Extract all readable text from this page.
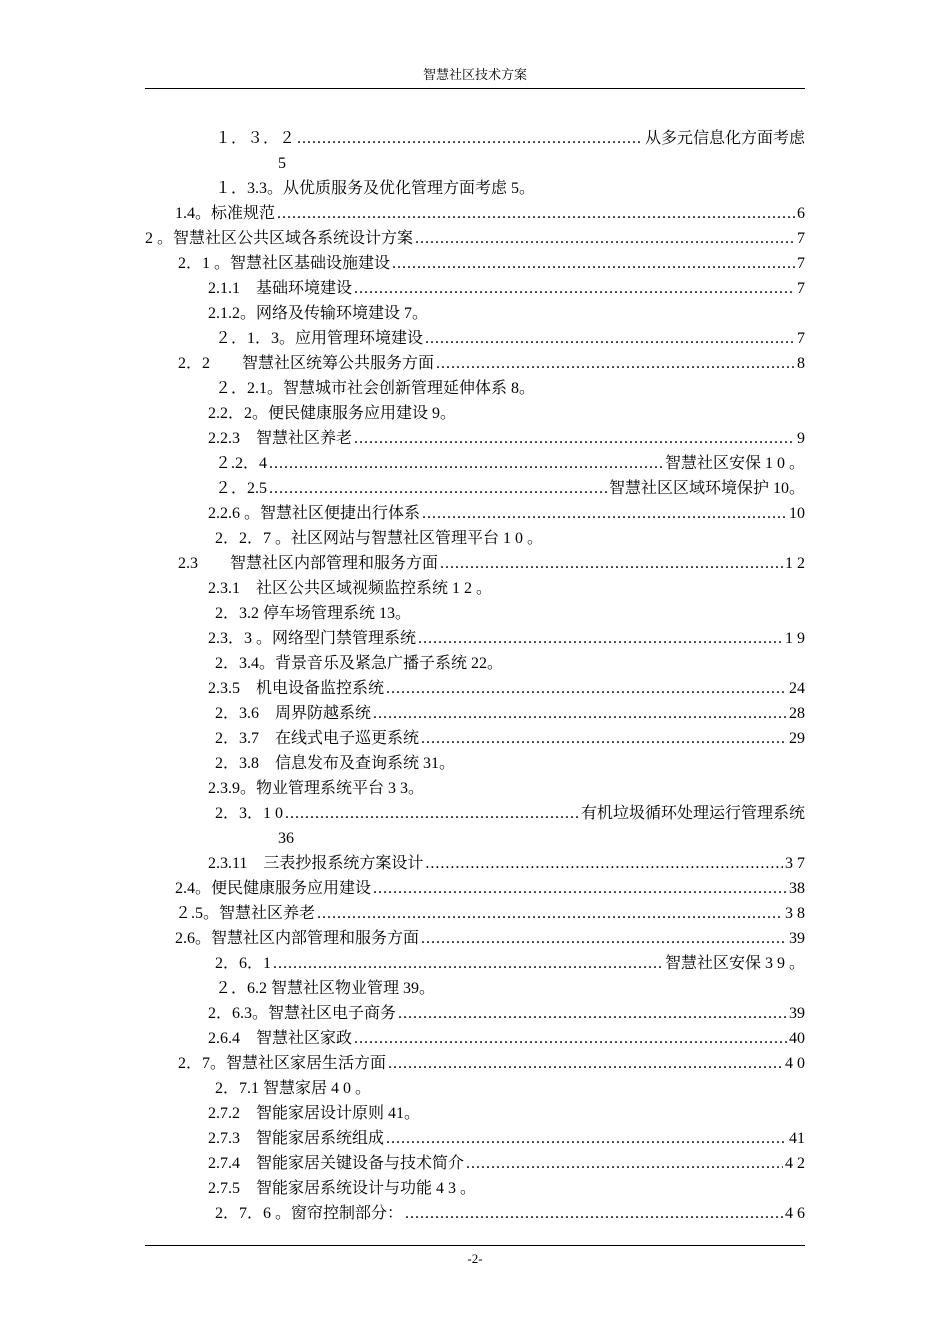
智慧社区技术方案
１．３．２ .....	从多元信息化方面考虑
5
１．3.3。从优质服务及优化管理方面考虑 5。
1.4。标准规范 .....	6
2 。智慧社区公共区域各系统设计方案 .....	7
2．1 。智慧社区基础设施建设 .....	7
2.1.1　基础环境建设 .....	7
2.1.2。网络及传输环境建设 7。
２．1．3。应用管理环境建设 .....	7
2．2　　智慧社区统筹公共服务方面 .....	8
２．2.1。智慧城市社会创新管理延伸体系 8。
2.2．2。便民健康服务应用建设 9。
2.2.3　智慧社区养老 .....	9
２.2．4 .....	智慧社区安保 1 0 。
２．2.5 .....	智慧社区区域环境保护 10。
2.2.6 。智慧社区便捷出行体系 .....	10
2．2．7 。社区网站与智慧社区管理平台 1 0 。
2.3　　智慧社区内部管理和服务方面 .....	1 2
2.3.1　社区公共区域视频监控系统 1 2 。
2．3.2 停车场管理系统 13。
2.3．3 。网络型门禁管理系统 .....	1 9
2．3.4。背景音乐及紧急广播子系统 22。
2.3.5　机电设备监控系统 .....	24
2．3.6　周界防越系统 .....	28
2．3.7　在线式电子巡更系统 .....	29
2．3.8　信息发布及查询系统 31。
2.3.9。物业管理系统平台 3 3。
2．3．1 0 .....	有机垃圾循环处理运行管理系统
36
2.3.11　三表抄报系统方案设计 .....	3 7
2.4。便民健康服务应用建设 .....	38
２.5。智慧社区养老 .....	3 8
2.6。智慧社区内部管理和服务方面 .....	39
2．6．1 .....	智慧社区安保 3 9 。
２．6.2 智慧社区物业管理 39。
2．6.3。智慧社区电子商务 .....	39
2.6.4　智慧社区家政 .....	40
2．7。智慧社区家居生活方面 .....	4 0
2．7.1 智慧家居 4 0 。
2.7.2　智能家居设计原则 41。
2.7.3　智能家居系统组成 .....	41
2.7.4　智能家居关键设备与技术简介 .....	4 2
2.7.5　智能家居系统设计与功能 4 3 。
2．7．6 。窗帘控制部分： .....	4 6
-2-
